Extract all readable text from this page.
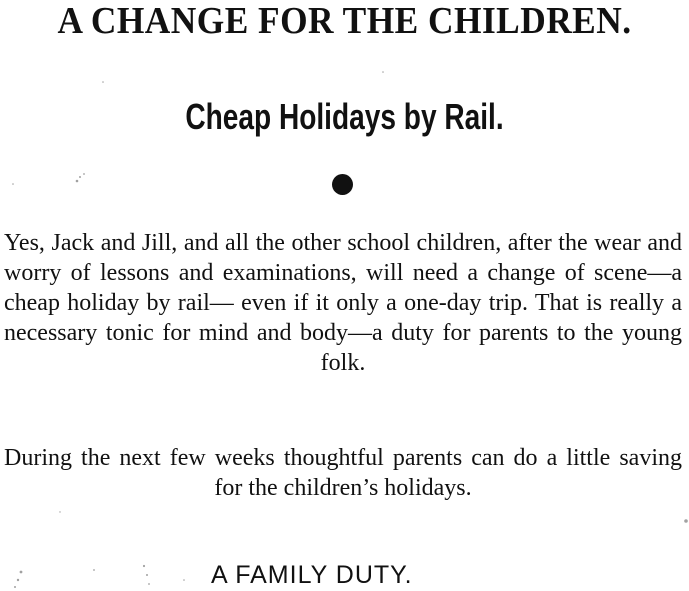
A CHANGE FOR THE CHILDREN.
Cheap Holidays by Rail.

Yes, Jack and Jill, and all the other school children, after the wear and worry of lessons and examinations, will need a change of scene—a cheap holiday by rail— even if it only a one-day trip. That is really a necessary tonic for mind and body—a duty for parents to the young folk.

During the next few weeks thoughtful parents can do a little saving for the children’s holidays.

A FAMILY DUTY.
